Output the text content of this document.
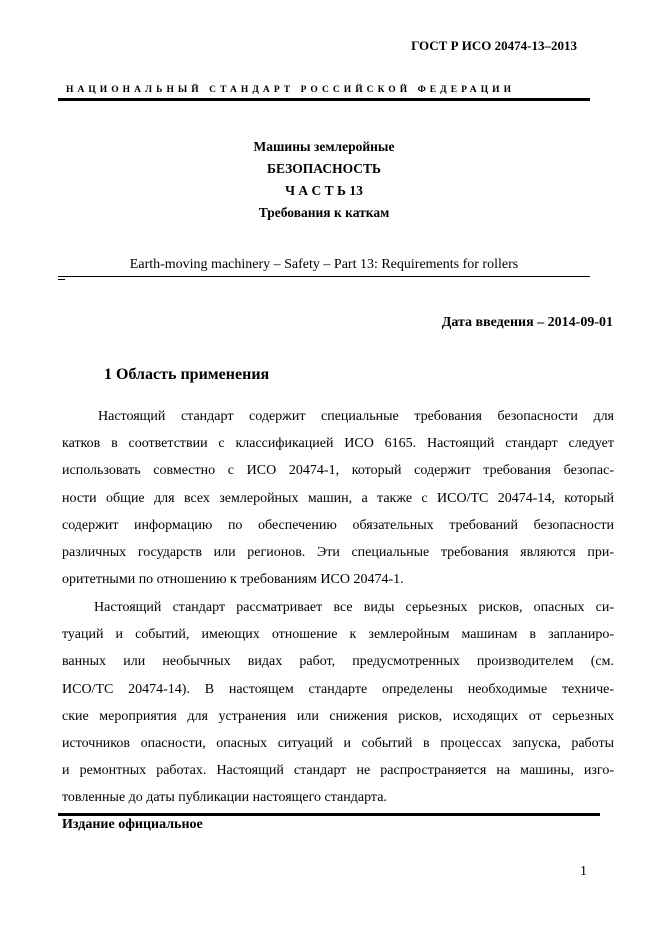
ГОСТ Р ИСО 20474-13–2013
НАЦИОНАЛЬНЫЙ СТАНДАРТ РОССИЙСКОЙ ФЕДЕРАЦИИ
Машины землеройные
БЕЗОПАСНОСТЬ
Ч А С Т Ь 13
Требования к каткам
Earth-moving machinery – Safety – Part 13: Requirements for rollers
Дата введения – 2014-09-01
1 Область применения
Настоящий стандарт содержит специальные требования безопасности для
катков в соответствии с классификацией ИСО 6165. Настоящий стандарт следует
использовать совместно с ИСО 20474-1, который содержит требования безопас-
ности общие для всех землеройных машин, а также с ИСО/ТС 20474-14, который
содержит информацию по обеспечению обязательных требований безопасности
различных государств или регионов. Эти специальные требования являются при-
оритетными по отношению к требованиям ИСО 20474-1.
Настоящий стандарт рассматривает все виды серьезных рисков, опасных си-
туаций и событий, имеющих отношение к землеройным машинам в запланиро-
ванных или необычных видах работ, предусмотренных производителем (см.
ИСО/ТС 20474-14). В настоящем стандарте определены необходимые техниче-
ские мероприятия для устранения или снижения рисков, исходящих от серьезных
источников опасности, опасных ситуаций и событий в процессах запуска, работы
и ремонтных работах. Настоящий стандарт не распространяется на машины, изго-
товленные до даты публикации настоящего стандарта.
Издание официальное
1
